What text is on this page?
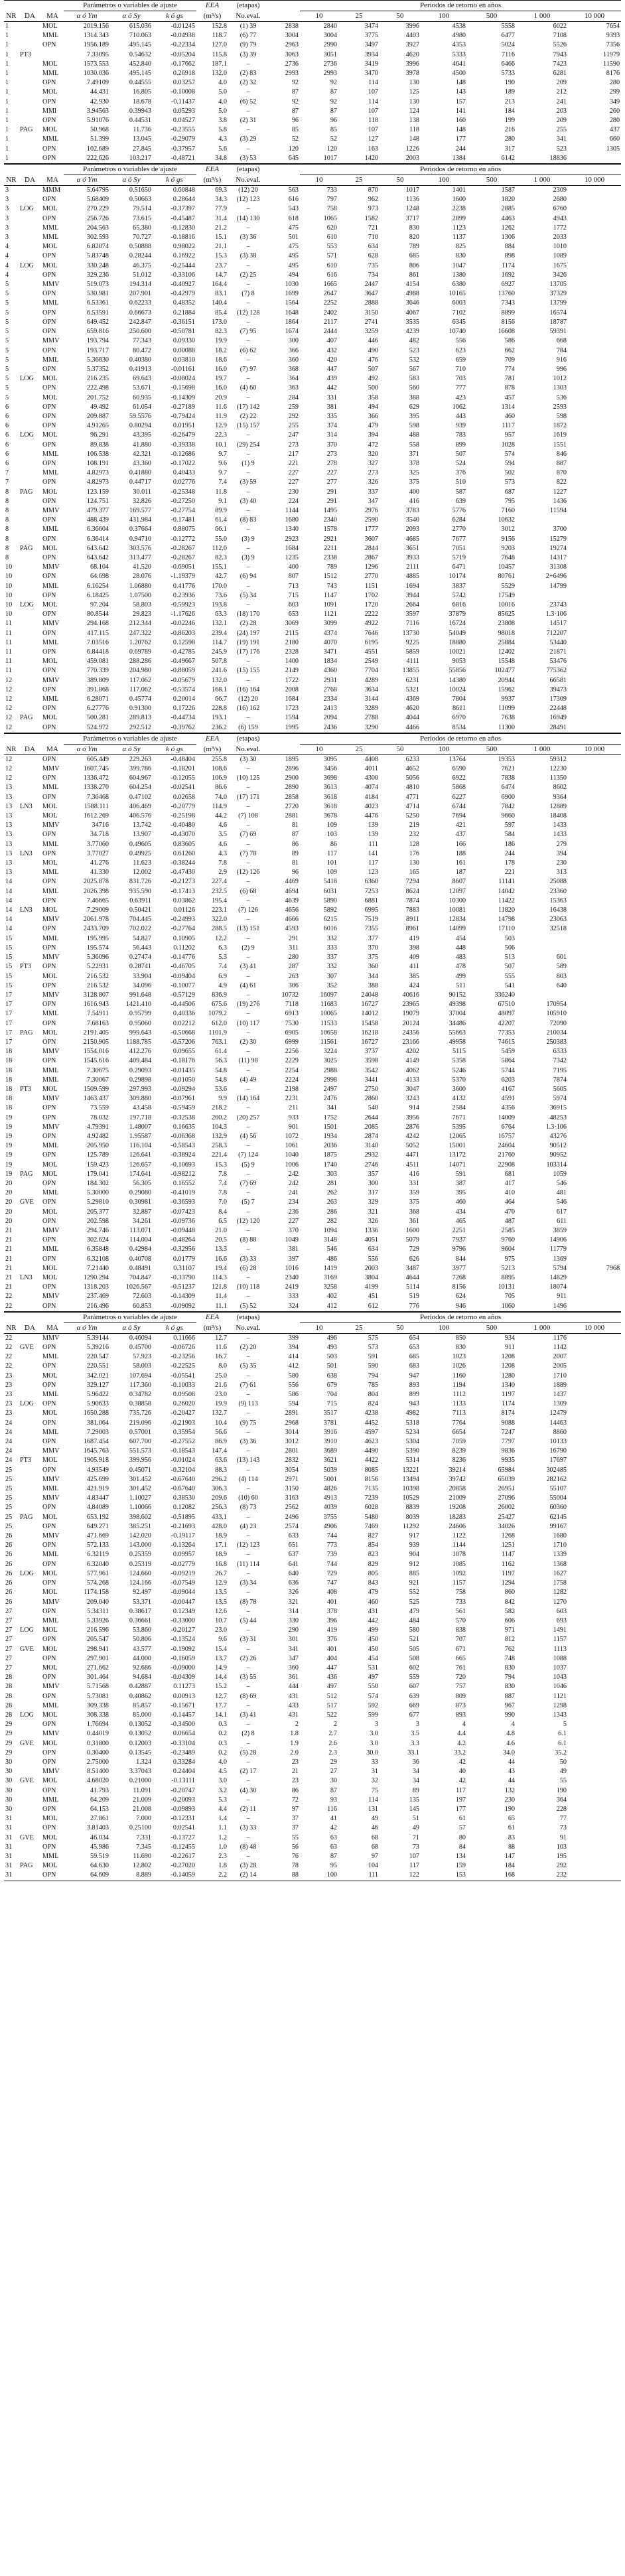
			Parámetros o variables de ajuste			EEA	(etapas)		Periodos de retorno en años						
NR	DA	MA	α ó Ym	α ó Sy	k ó gs	(m³/s)	No.eval.		10	25	50	100	500	1 000	10 000
1		MOL	2019.156	615.036	-0.01245	152.8	(1) 39	2838	2840	3474	3996	4538	5558	6022	7654
1		MML	1314.343	710.063	-0.04938	118.7	(6) 77	3004	3004	3775	4403	4980	6477	7108	9393
1		OPN	1956.189	495.145	-0.22334	127.0	(9) 79	2963	2990	3497	3927	4353	5024	5526	7356
1	PT3		7.33095	0.54632	-0.05204	115.8	(3) 39	3063	3051	3934	4620	5333	7116	7943	11979
1		MOL	1573.553	452.840	-0.17662	187.1	–	2736	2736	3419	3996	4641	6466	7423	11590
1		MML	1030.036	495.145	0.26918	132.0	(2) 83	2993	2993	3470	3978	4500	5733	6281	8176
1		OPN	7.49109	0.44555	0.03257	4.0	(2) 32	92	92	114	130	148	190	209	280
1		MOL	44.431	16.805	-0.10008	5.0	–	87	87	107	125	143	189	212	299
1		OPN	42.930	18.678	-0.11437	4.0	(6) 52	92	92	114	130	157	213	241	349
1		MMl	3.94563	0.39943	0.05293	5.0	–	87	87	107	124	141	184	203	260
1		OPN	5.91076	0.44531	0.04527	3.8	(2) 31	96	96	118	138	160	199	209	280
1	PAG	MOL	50.968	11.736	-0.23555	5.8	–	85	85	107	118	148	216	255	437
1		MML	51.399	13.045	-0.29079	4.3	(3) 29	52	52	127	148	177	280	341	660
1		OPN	102.689	27.845	-0.37957	5.6	–	120	120	163	1226	244	317	523	1305
1		OPN	222.626	103.217	-0.48721	34.8	(3) 53	645	1017	1420	2003	1384	6142	18836	
			Parámetros o variables de ajuste			EEA	(etapas)		Periodos de retorno en años						
NR	DA	MA	α ó Ym	α ó Sy	k ó gs	(m³/s)	No.eval.		10	25	50	100	500	1 000	10 000
3		MMM	5.64795	0.51650	0.60848	69.3	(12) 20	563	733	870	1017	1401	1587	2309	
3		OPN	5.68409	0.50663	0.28644	34.3	(12) 123	616	797	962	1136	1600	1820	2680	
3	LOG	MOL	270.229	79.514	-0.37397	77.9	–	543	758	973	1248	2238	2885	6760	
3		OPN	256.726	73.615	-0.45487	31.4	(14) 130	618	1065	1582	3717	2899	4463	4943	
3		MML	204.563	65.380	-0.12830	21.2	–	475	620	721	830	1123	1262	1772	
3		MML	302.593	70.727	-0.18816	15.1	(3) 36	501	610	710	820	1137	1306	2033	
4		MOL	6.82074	0.50888	0.98022	21.1	–	475	553	634	789	825	884	1010	
4		OPN	5.83748	0.28244	0.16922	15.3	(3) 38	495	571	628	685	830	898	1089	
4	LOG	MOL	330.248	46.375	-0.25444	23.7	–	495	610	735	806	1047	1174	1675	
4		OPN	329.236	51.012	-0.33106	14.7	(2) 25	494	616	734	861	1380	1692	3426	
5		MMV	519.073	194.314	-0.40927	164.4	–	1030	1665	2447	4154	6380	6927	13705	
5		OPN	530.981	207.901	-0.42979	83.1	(7) 8	1699	2647	3647	4988	10165	13760	37329	
5		MML	6.53361	0.62233	0.48352	140.4	–	1564	2252	2888	3646	6003	7343	13799	
5		OPN	6.53591	0.66673	0.21884	85.4	(12) 128	1648	2402	3150	4067	7102	8899	16574	
5		OPN	649.452	242.847	-0.36151	173.0	–	1864	2117	2741	3535	6345	8156	18787	
5		OPN	659.816	250.600	-0.50781	82.3	(7) 95	1674	2444	3259	4239	10740	16608	59391	
5		MMV	193.794	77.343	0.09330	19.9	–	300	407	446	482	556	586	668	
5		OPN	193.717	80.472	0.00088	18.2	(6) 62	366	432	490	523	623	662	784	
5		MML	5.36830	0.40380	0.03810	18.6	–	360	420	476	532	659	709	916	
5		OPN	5.37352	0.41913	-0.01161	16.0	(7) 97	368	447	507	567	710	774	996	
5	LOG	MOL	216.235	69.643	-0.08024	19.7	–	364	439	492	583	703	781	1012	
5		OPN	222.498	53.671	-0.15698	16.0	(4) 60	363	442	500	560	777	878	1303	
5		MOL	201.752	60.935	-0.14309	20.9	–	284	331	358	388	423	457	536	
6		OPN	49.492	61.054	-0.27189	11.6	(17) 142	259	381	494	629	1062	1314	2593	
6		OPN	209.887	59.5576	-0.79424	11.9	(2) 22	292	335	366	395	443	460	598	
6		OPN	4.91265	0.80294	0.01951	12.9	(15) 157	255	374	479	598	939	1117	1872	
6	LOG	MOL	96.291	43.395	-0.26479	22.3	–	247	314	394	488	783	957	1619	
6		OPN	89.838	41.880	-0.39338	10.1	(29) 254	273	370	472	558	899	1028	1551	
6		MML	106.538	42.321	-0.12686	9.7	–	217	273	320	371	507	574	846	
6		OPN	108.191	43.360	-0.17022	9.6	(1) 9	221	278	327	378	524	594	887	
7		MML	4.82973	0.41880	0.40433	9.7	–	227	227	273	325	376	502	870	
7		OPN	4.82973	0.44717	0.02776	7.4	(3) 59	227	277	326	375	510	573	822	
8	PAG	MOL	123.159	30.011	-0.25348	11.8	–	230	291	337	400	587	687	1227	
8		OPN	124.751	32.826	-0.27250	9.1	(3) 40	224	291	347	416	639	795	1436	
8		MMV	479.377	169.577	-0.27754	89.9	–	1144	1495	2976	3783	5776	7160	11594	
8		OPN	488.439	431.984	-0.17481	61.4	(8) 83	1680	2340	2590	3540	6284	10632		
8		MML	6.36604	0.37664	0.88075	66.1	–	1340	1578	1777	2093	2770	3012	3700	
8		OPN	6.36414	0.94710	-0.12772	55.0	(3) 9	2923	2921	3607	4685	7677	9156	15279	
8	PAG	MOL	643.642	303.576	-0.28267	112.0	–	1684	2211	2844	3651	7051	9203	19274	
8		OPN	643.642	313.477	-0.28267	82.3	(3) 9	1235	2338	2867	3933	5719	7648	14317	
10		MMV	68.104	41.520	-0.69051	155.1	–	400	789	1296	2111	6471	10457	31308	
10		OPN	64.698	28.076	-1.19379	42.7	(6) 94	807	1512	2770	4885	10174	80761	2+6496	
10		MML	6.16254	1.06880	0.41776	170.0	–	713	743	1151	1694	3837	5529	14799	
10		OPN	6.18425	1.07500	0.23936	73.6	(5) 34	715	1147	1702	3944	5742	17549		
10	LOG	MOL	97.204	58.803	-0.59923	193.8	–	603	1091	1720	2664	6816	10016	23743	
10		OPN	80.8544	29.823	-1.17626	63.3	(18) 170	653	1121	2222	3597	37879	85625	1.3·106	
11		MMV	294.168	212.344	-0.02246	132.1	(2) 28	3069	3099	4922	7116	16724	23808	14517	
11		OPN	417.115	247.322	-0.86203	239.4	(24) 197	2115	4374	7646	13730	54049	98018	712207	
11		MML	7.03516	1.20762	0.12598	114.7	(19) 191	2180	4070	6195	9225	18880	25884	53440	
11		OPN	6.84418	0.69789	-0.42785	245.9	(17) 176	2328	3471	4551	5859	10021	12402	21871	
11		MOL	459.081	288.286	-0.49667	507.8	–	1400	1834	2549	4111	9053	15548	53476	
11		OPN	770.339	204.980	-0.88059	241.6	(15) 155	2149	4360	7704	13855	55856	102477	775362	
12		MMV	389.809	117.062	-0.05679	132.0	–	1722	2931	4289	6231	14380	20944	66581	
12		OPN	391.868	117.062	-0.53574	168.1	(16) 164	2008	2768	3634	5321	10024	15962	39473	
12		MML	6.28071	0.45774	0.20014	66.7	(12) 20	1684	2334	3144	4369	7804	9937	17309	
12		OPN	6.27776	0.91300	0.17226	228.8	(16) 162	1723	2413	3289	4620	8611	11099	22448	
12	PAG	MOL	500.281	289.813	-0.44734	193.1	–	1594	2094	2788	4044	6970	7638	16949	
12		OPN	524.972	292.512	-0.39762	236.2	(6) 159	1995	2436	3290	4466	8534	11300	28491	
			Parámetros o variables de ajuste			EEA	(etapas)		Periodos de retorno en años						
NR	DA	MA	α ó Ym	α ó Sy	k ó gs	(m³/s)	No.eval.		10	25	50	100	500	1 000	10 000
12		OPN	605.449	229.263	-0.48404	255.8	(3) 30	1895	3095	4408	6233	13764	19353	59312	
12		MMV	1607.745	399.786	-0.18201	108.6	–	2896	3456	4011	4652	6590	7621	12230	
12		OPN	1336.472	604.967	-0.12055	106.9	(10) 125	2900	3698	4300	5056	6922	7838	11350	
13		MML	1338.270	604.254	-0.02541	86.6	–	2890	3613	4074	4810	5868	6474	8602	
13		OPN	7.36468	0.47102	0.02658	74.0	(17) 171	2858	3618	4184	4771	6227	6900	9364	
13	LN3	MOL	1588.111	406.469	-0.20779	114.9	–	2720	3618	4023	4714	6744	7842	12889	
13		MOL	1612.269	406.576	-0.25198	44.2	(7) 108	2881	3678	4476	5250	7694	9660	18408	
13		MMV	34716	13.742	-0.40480	4.6	–	81	109	139	219	421	597	1433	
13		OPN	34.718	13.907	-0.43070	3.5	(7) 69	87	103	139	232	437	584	1433	
13		MML	3.77060	0.49605	0.83605	4.6	–	86	86	111	128	166	186	279	
13	LN3	OPN	3.77027	0.49925	0.61260	4.3	(7) 78	89	117	141	176	188	244	394	
13		MOL	41.276	11.623	-0.38244	7.8	–	81	101	117	130	161	178	230	
13		MML	41.330	12.002	-0.47430	2.9	(12) 126	96	109	123	165	187	221	313	
14		OPN	2025.878	831.726	-0.21273	227.4	–	4469	5418	6360	7294	8607	11141	25088	
14		MML	2026.398	935.590	-0.17413	232.5	(6) 68	4694	6031	7253	8624	12097	14042	23360	
14		OPN	7.46665	0.63911	0.03862	195.4	–	4639	5890	6881	7874	10300	11422	15363	
14	LN3	MOL	7.29009	0.50421	0.01126	223.1	(7) 126	4656	5892	6995	7883	10081	11820	16438	
14		MMV	2061.978	704.445	-0.24993	322.0	–	4666	6215	7519	8911	12834	14798	23063	
14		OPN	2433.709	702.022	-0.27764	288.5	(13) 151	4593	6016	7355	8961	14099	17110	32518	
15		MML	195.995	54.827	0.10905	12.2	–	291	332	377	419	454	503		
15		OPN	195.574	56.443	0.11202	6.3	(2) 9	311	333	370	398	448	506		
15		MMV	5.36096	0.27474	-0.14776	5.3	–	280	337	375	409	483	513	601	
15	PT3	OPN	5.22931	0.28741	-0.46705	7.4	(3) 41	287	332	360	411	478	507	589	
15		MOL	216.532	33.904	-0.09404	6.9	–	263	307	344	385	499	555	803	
15		OPN	216.532	34.096	-0.10077	4.9	(4) 61	306	352	388	424	511	541	640	
17		MMV	3128.807	991.648	-0.57129	836.9	–	10732	16097	24048	40616	90152	336240		
17		OPN	1616.943	1421.410	-0.44506	675.6	(19) 276	7118	11683	16727	23965	49398	67510	170954	
17		MML	7.54911	0.95799	0.40336	1079.2	–	6913	10065	14012	19079	37004	48097	105910	
17		OPN	7.68163	0.95060	0.02212	612.0	(10) 117	7530	11533	15458	20124	34486	42207	72090	
17	PAG	MOL	2191.405	999.643	-0.50668	1101.9	–	6905	10658	16218	24356	55663	77353	210034	
17		OPN	2150.905	1188.785	-0.57206	763.1	(2) 30	6999	11561	16727	23166	49958	74615	250383	
18		MMV	1554.016	412.276	0.09655	61.4	–	2256	3224	3737	4202	5115	5459	6333	
18		OPN	1545.616	409.484	-0.18176	56.3	(11) 98	2229	3025	3598	4149	5358	5864	7342	
18		MML	7.30675	0.29093	-0.01435	54.8	–	2254	2988	3542	4062	5246	5744	7195	
18		MML	7.30067	0.29898	-0.01050	54.8	(4) 49	2224	2998	3441	4133	5370	6203	7874	
18	PT3	MOL	1509.599	297.993	-0.09294	53.6	–	2198	2497	2750	3047	3600	4167	5605	
18		MMV	1463.437	309.880	-0.07961	9.9	(14) 164	2231	2476	2860	3243	4132	4591	5974	
18		OPN	73.559	43.458	-0.59459	218.2	–	211	341	540	914	2584	4356	36915	
19		OPN	78.032	197.718	-0.32538	200.2	(20) 257	933	1752	2644	3956	7671	14009	48253	
19		MMV	4.79391	1.48007	0.16635	104.3	–	901	1501	2085	2876	5395	6764	1.3·106	
19		OPN	4.92482	1.95587	-0.06368	132.9	(4) 56	1072	1934	2874	4242	12065	16757	43276	
19		MML	205.950	116.104	-0.58543	258.3	–	1061	2036	3140	5052	15001	24604	90512	
19		OPN	125.789	126.641	-0.38924	221.4	(7) 124	1040	1875	2932	4471	13172	21760	90952	
19		MOL	159.423	126.657	-0.10693	15.3	(5) 9	1006	1740	2746	4511	14071	22908	103314	
19	PAG	MOL	179.041	174.641	-0.98212	7.8	–	242	303	357	416	591	681	1059	
20		OPN	184.302	56.305	0.16552	7.4	(7) 69	242	281	300	331	387	417	546	
20		MML	5.30000	0.29080	-0.41019	7.8	–	241	262	317	359	395	410	481	
20	GVE	OPN	5.29810	0.30981	-0.36593	7.0	(5) 7	234	263	329	375	460	464	546	
20		MOL	205.377	32.887	-0.07423	8.4	–	236	286	321	368	434	470	617	
20		OPN	202.598	34.261	-0.09736	6.5	(12) 120	227	282	326	361	465	487	611	
21		MMV	294.746	113.071	-0.09448	21.0	–	370	1094	1336	1600	2251	2585	3859	
21		OPN	302.624	114.004	-0.48264	20.5	(8) 88	1049	3148	4051	5079	7937	9760	14906	
21		MML	6.35848	0.42984	-0.32956	13.3	–	381	546	634	729	9796	9604	11779	
21		OPN	6.32108	0.40708	0.01779	16.6	(3) 33	397	486	556	626	844	975	1369	
21		MOL	7.21440	0.48491	0.31107	19.4	(6) 28	1016	1419	2003	3487	3977	5213	5794	7968
21	LN3	MOL	1290.294	704.847	-0.33790	114.3	–	2340	3169	3804	4644	7268	8895	14829	
21		OPN	1318.203	1026.567	-0.51237	121.8	(10) 118	2419	3258	4199	5114	8156	10131	18074	
22		MMV	237.469	72.603	-0.14309	11.4	–	333	402	451	519	624	705	911	
22		OPN	216.496	60.853	-0.09092	11.1	(5) 52	324	412	612	776	946	1060	1496	
			Parámetros o variables de ajuste			EEA	(etapas)		Periodos de retorno en años						
NR	DA	MA	α ó Ym	α ó Sy	k ó gs	(m³/s)	No.eval.		10	25	50	100	500	1 000	10 000
22		MMV	5.39144	0.46094	0.11666	12.7	–	399	496	575	654	850	934	1176	
22	GVE	OPN	5.39216	0.45700	-0.06726	11.6	(2) 20	394	493	573	653	830	911	1142	
22		MML	220.547	57.923	-0.23256	16.7	–	414	503	591	685	1023	1208	2007	
22		OPN	220.551	58.003	-0.22525	8.0	(5) 35	412	501	590	683	1026	1208	2005	
23		MOL	342.021	107.694	-0.05541	25.0	–	580	638	794	947	1160	1280	1710	
23		OPN	329.127	117.360	-0.10033	21.6	(7) 61	556	679	785	893	1194	1340	1889	
23		MML	5.96422	0.34782	0.09508	23.0	–	586	704	804	899	1112	1197	1437	
23	LOG	OPN	5.90633	0.38858	0.26020	19.9	(9) 113	594	715	824	943	1133	1174	1309	
23		MOL	1650.288	735.726	-0.20427	132.7	–	2891	3517	4238	4982	7113	8174	12479	
24		OPN	381.064	219.096	-0.21903	10.4	(9) 75	2968	3781	4452	5318	7764	9088	14463	
24		MML	7.29003	0.57001	0.35954	56.6	–	3014	3916	4597	5234	6654	7247	8860	
24		OPN	1687.454	607.700	-0.27552	86.9	(3) 36	3012	3910	4623	5304	7059	7797	10133	
24		MMV	1645.763	551.573	-0.18543	147.4	–	2801	3689	4490	5390	8239	9836	16790	
24	PT3	MOL	1905.918	399.956	-0.01024	63.6	(13) 143	2832	3621	4422	5314	8236	9935	17697	
25		OPN	4.93549	0.45071	-0.32104	88.3	–	3054	5039	8085	13221	39214	65984	302485	
25		MMV	425.699	301.452	-0.67640	296.2	(4) 114	2971	5001	8156	13494	39742	65039	282162	
25		MML	421.919	301.452	-0.67640	306.3	–	3150	4826	7135	10398	20858	26951	55107	
25		MMV	4.83447	1.10027	0.38530	209.6	(10) 60	3163	4913	7239	10529	21009	27096	55004	
25		OPN	4.84089	1.10066	0.12082	256.3	(8) 73	2562	4039	6028	8839	19208	26002	60360	
25	PAG	MOL	653.192	398.602	-0.51895	433.1	–	2496	3755	5480	8039	18283	25427	62145	
25		OPN	649.271	385.251	-0.21693	428.0	(4) 23	2574	4906	7469	11292	24606	34026	99167	
26		MMV	471.669	142.020	-0.19117	18.9	–	633	744	827	917	1122	1268	1680	
26		OPN	572.133	143.000	-0.13264	17.1	(12) 123	651	773	854	939	1144	1251	1710	
26		MML	6.32119	0.25359	0.09957	18.9	–	637	739	823	904	1078	1147	1339	
26		OPN	6.32040	0.25319	-0.02779	16.8	(11) 114	641	744	829	912	1085	1162	1368	
26	LOG	MOL	577.961	124.660	-0.09219	26.7	–	640	729	805	885	1092	1197	1627	
26		OPN	574.268	124.166	-0.07549	12.9	(3) 34	636	747	843	921	1157	1294	1758	
26		MOL	1174.158	92.497	-0.09044	13.5	–	326	408	479	552	758	860	1282	
26		MMV	209.040	53.371	-0.00447	13.5	(8) 78	321	401	460	525	733	842	1270	
27		OPN	5.34311	0.38617	0.12349	12.6	–	314	378	431	479	561	582	603	
27		MML	5.33926	0.36661	-0.33000	10.7	(5) 44	330	396	442	484	570	606	693	
27	LOG	MOL	216.596	53.860	-0.20127	23.0	–	290	419	499	580	838	971	1491	
27		OPN	205.547	50.806	-0.13524	9.6	(3) 31	301	376	450	521	707	812	1157	
27	GVE	MOL	298.941	43.577	-0.19092	15.4	–	341	401	450	505	671	762	1113	
27		OPN	297.901	44.000	-0.16059	13.7	(2) 26	347	404	454	508	665	748	1088	
27		MOL	271.662	92.686	-0.09000	14.9	–	360	447	531	602	761	830	1037	
28		OPN	301.464	94.684	-0.04309	14.4	(3) 55	361	436	497	559	720	794	1043	
28		MMV	5.71568	0.42887	0.11273	15.2	–	444	497	550	607	757	830	1046	
28		OPN	5.73081	0.40862	0.00913	12.7	(8) 69	431	512	574	639	809	887	1121	
28		MML	309.338	85.857	-0.15671	17.7	–	433	517	592	669	873	967	1298	
28	LOG	MOL	308.338	85.000	-0.14457	14.1	(3) 41	431	522	599	677	893	990	1343	
29		OPN	1.76694	0.13052	-0.34500	0.3	–	2	2	3	3	4	4	5	
29		MMV	0.44019	0.13052	0.06654	0.2	(2) 8	1.8	2.7	3.0	3.5	4.4	4.8	6.1	
29	GVE	MOL	0.31800	0.12003	-0.33104	0.3	–	1.9	2.6	3.0	3.3	4.2	4.6	6.1	
29		OPN	0.30400	0.13545	-0.23489	0.2	(5) 28	2.0	2.3	30.0	33.1	33.2	34.0	35.2	
30		OPN	2.75000	1.324	0.33284	4.0	–	23	29	33	36	42	44	50	
30		MMV	8.51400	3.37043	0.24404	4.5	(2) 17	21	27	31	34	40	43	49	
30	GVE	MOL	4.68020	0.21000	-0.13111	3.0	–	23	30	32	34	42	44	55	
30		OPN	41.793	11.091	-0.20747	3.2	(4) 30	86	87	75	89	117	132	190	
30		MML	64.209	21.009	-0.20093	5.3	–	72	93	114	135	197	230	364	
30		OPN	64.153	21.008	-0.09893	4.4	(2) 11	97	116	131	145	177	190	228	
31		MOL	27.861	7.000	-0.12331	1.4	–	37	41	49	51	61	65	77	
31		OPN	3.81403	0.25100	0.02541	1.1	(3) 33	37	42	46	49	57	61	73	
31	GVE	MOL	46.034	7.331	-0.13727	1.2	–	55	63	68	71	80	83	91	
31		OPN	45.986	7.345	-0.12455	1.0	(8) 48	56	63	68	73	84	88	103	
31		MML	59.519	11.690	-0.22617	2.3	–	76	87	97	107	134	147	195	
31	PAG	MOL	64.630	12.802	-0.27020	1.8	(3) 28	78	95	104	117	159	184	292	
31		OPN	64.609	8.889	-0.14059	2.2	(2) 14	88	100	111	122	153	168	232	
